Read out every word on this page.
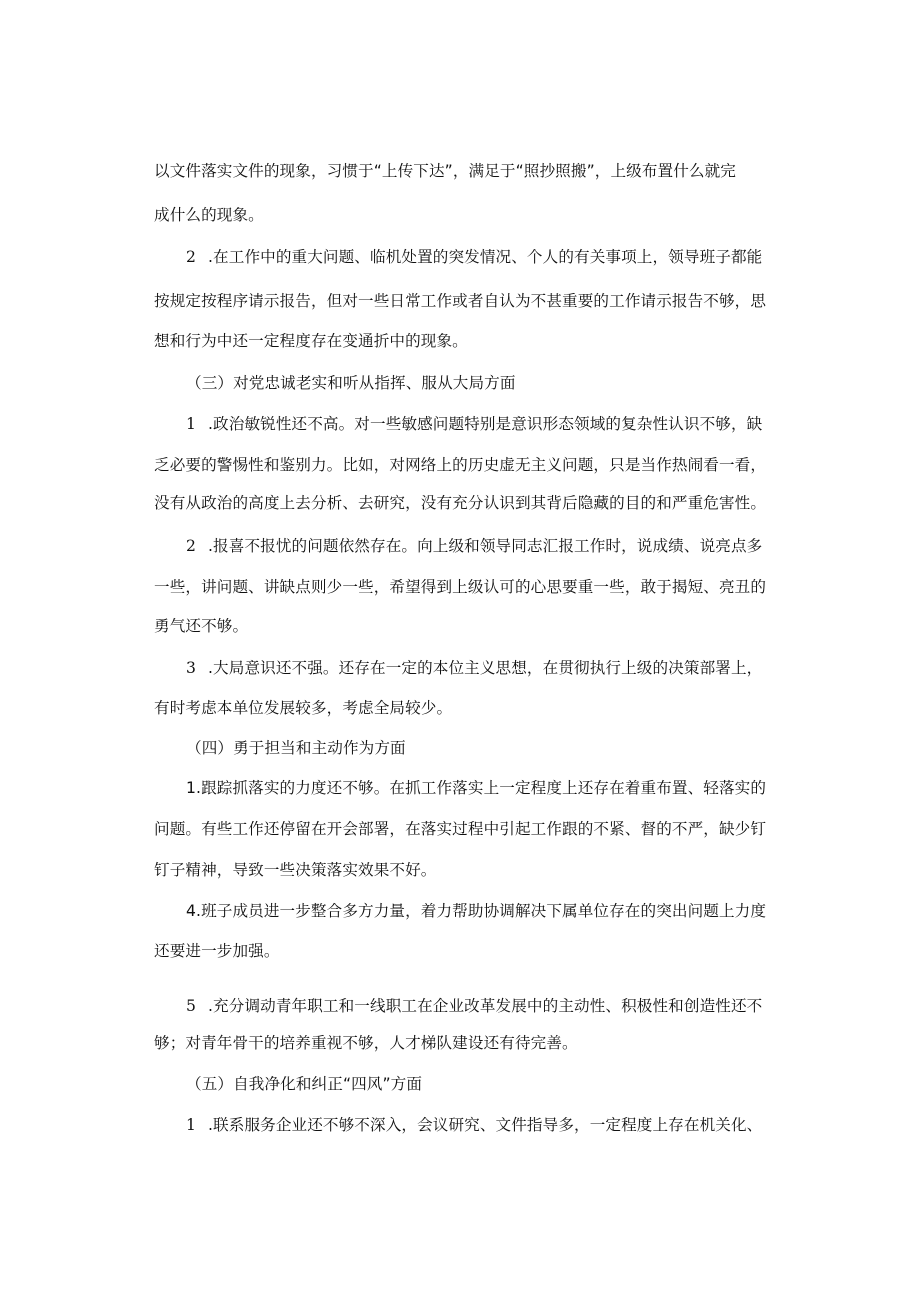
以文件落实文件的现象，习惯于“上传下达”，满足于“照抄照搬”，上级布置什么就完
成什么的现象。
2 .在工作中的重大问题、临机处置的突发情况、个人的有关事项上，领导班子都能
按规定按程序请示报告，但对一些日常工作或者自认为不甚重要的工作请示报告不够，思
想和行为中还一定程度存在变通折中的现象。
（三）对党忠诚老实和听从指挥、服从大局方面
1 .政治敏锐性还不高。对一些敏感问题特别是意识形态领域的复杂性认识不够，缺
乏必要的警惕性和鉴别力。比如，对网络上的历史虚无主义问题，只是当作热闹看一看，
没有从政治的高度上去分析、去研究，没有充分认识到其背后隐藏的目的和严重危害性。
2 .报喜不报忧的问题依然存在。向上级和领导同志汇报工作时，说成绩、说亮点多
一些，讲问题、讲缺点则少一些，希望得到上级认可的心思要重一些，敢于揭短、亮丑的
勇气还不够。
3 .大局意识还不强。还存在一定的本位主义思想，在贯彻执行上级的决策部署上，
有时考虑本单位发展较多，考虑全局较少。
（四）勇于担当和主动作为方面
1.跟踪抓落实的力度还不够。在抓工作落实上一定程度上还存在着重布置、轻落实的
问题。有些工作还停留在开会部署，在落实过程中引起工作跟的不紧、督的不严，缺少钉
钉子精神，导致一些决策落实效果不好。
4.班子成员进一步整合多方力量，着力帮助协调解决下属单位存在的突出问题上力度
还要进一步加强。
5 .充分调动青年职工和一线职工在企业改革发展中的主动性、积极性和创造性还不
够；对青年骨干的培养重视不够，人才梯队建设还有待完善。
（五）自我净化和纠正“四风”方面
1 .联系服务企业还不够不深入，会议研究、文件指导多，一定程度上存在机关化、
